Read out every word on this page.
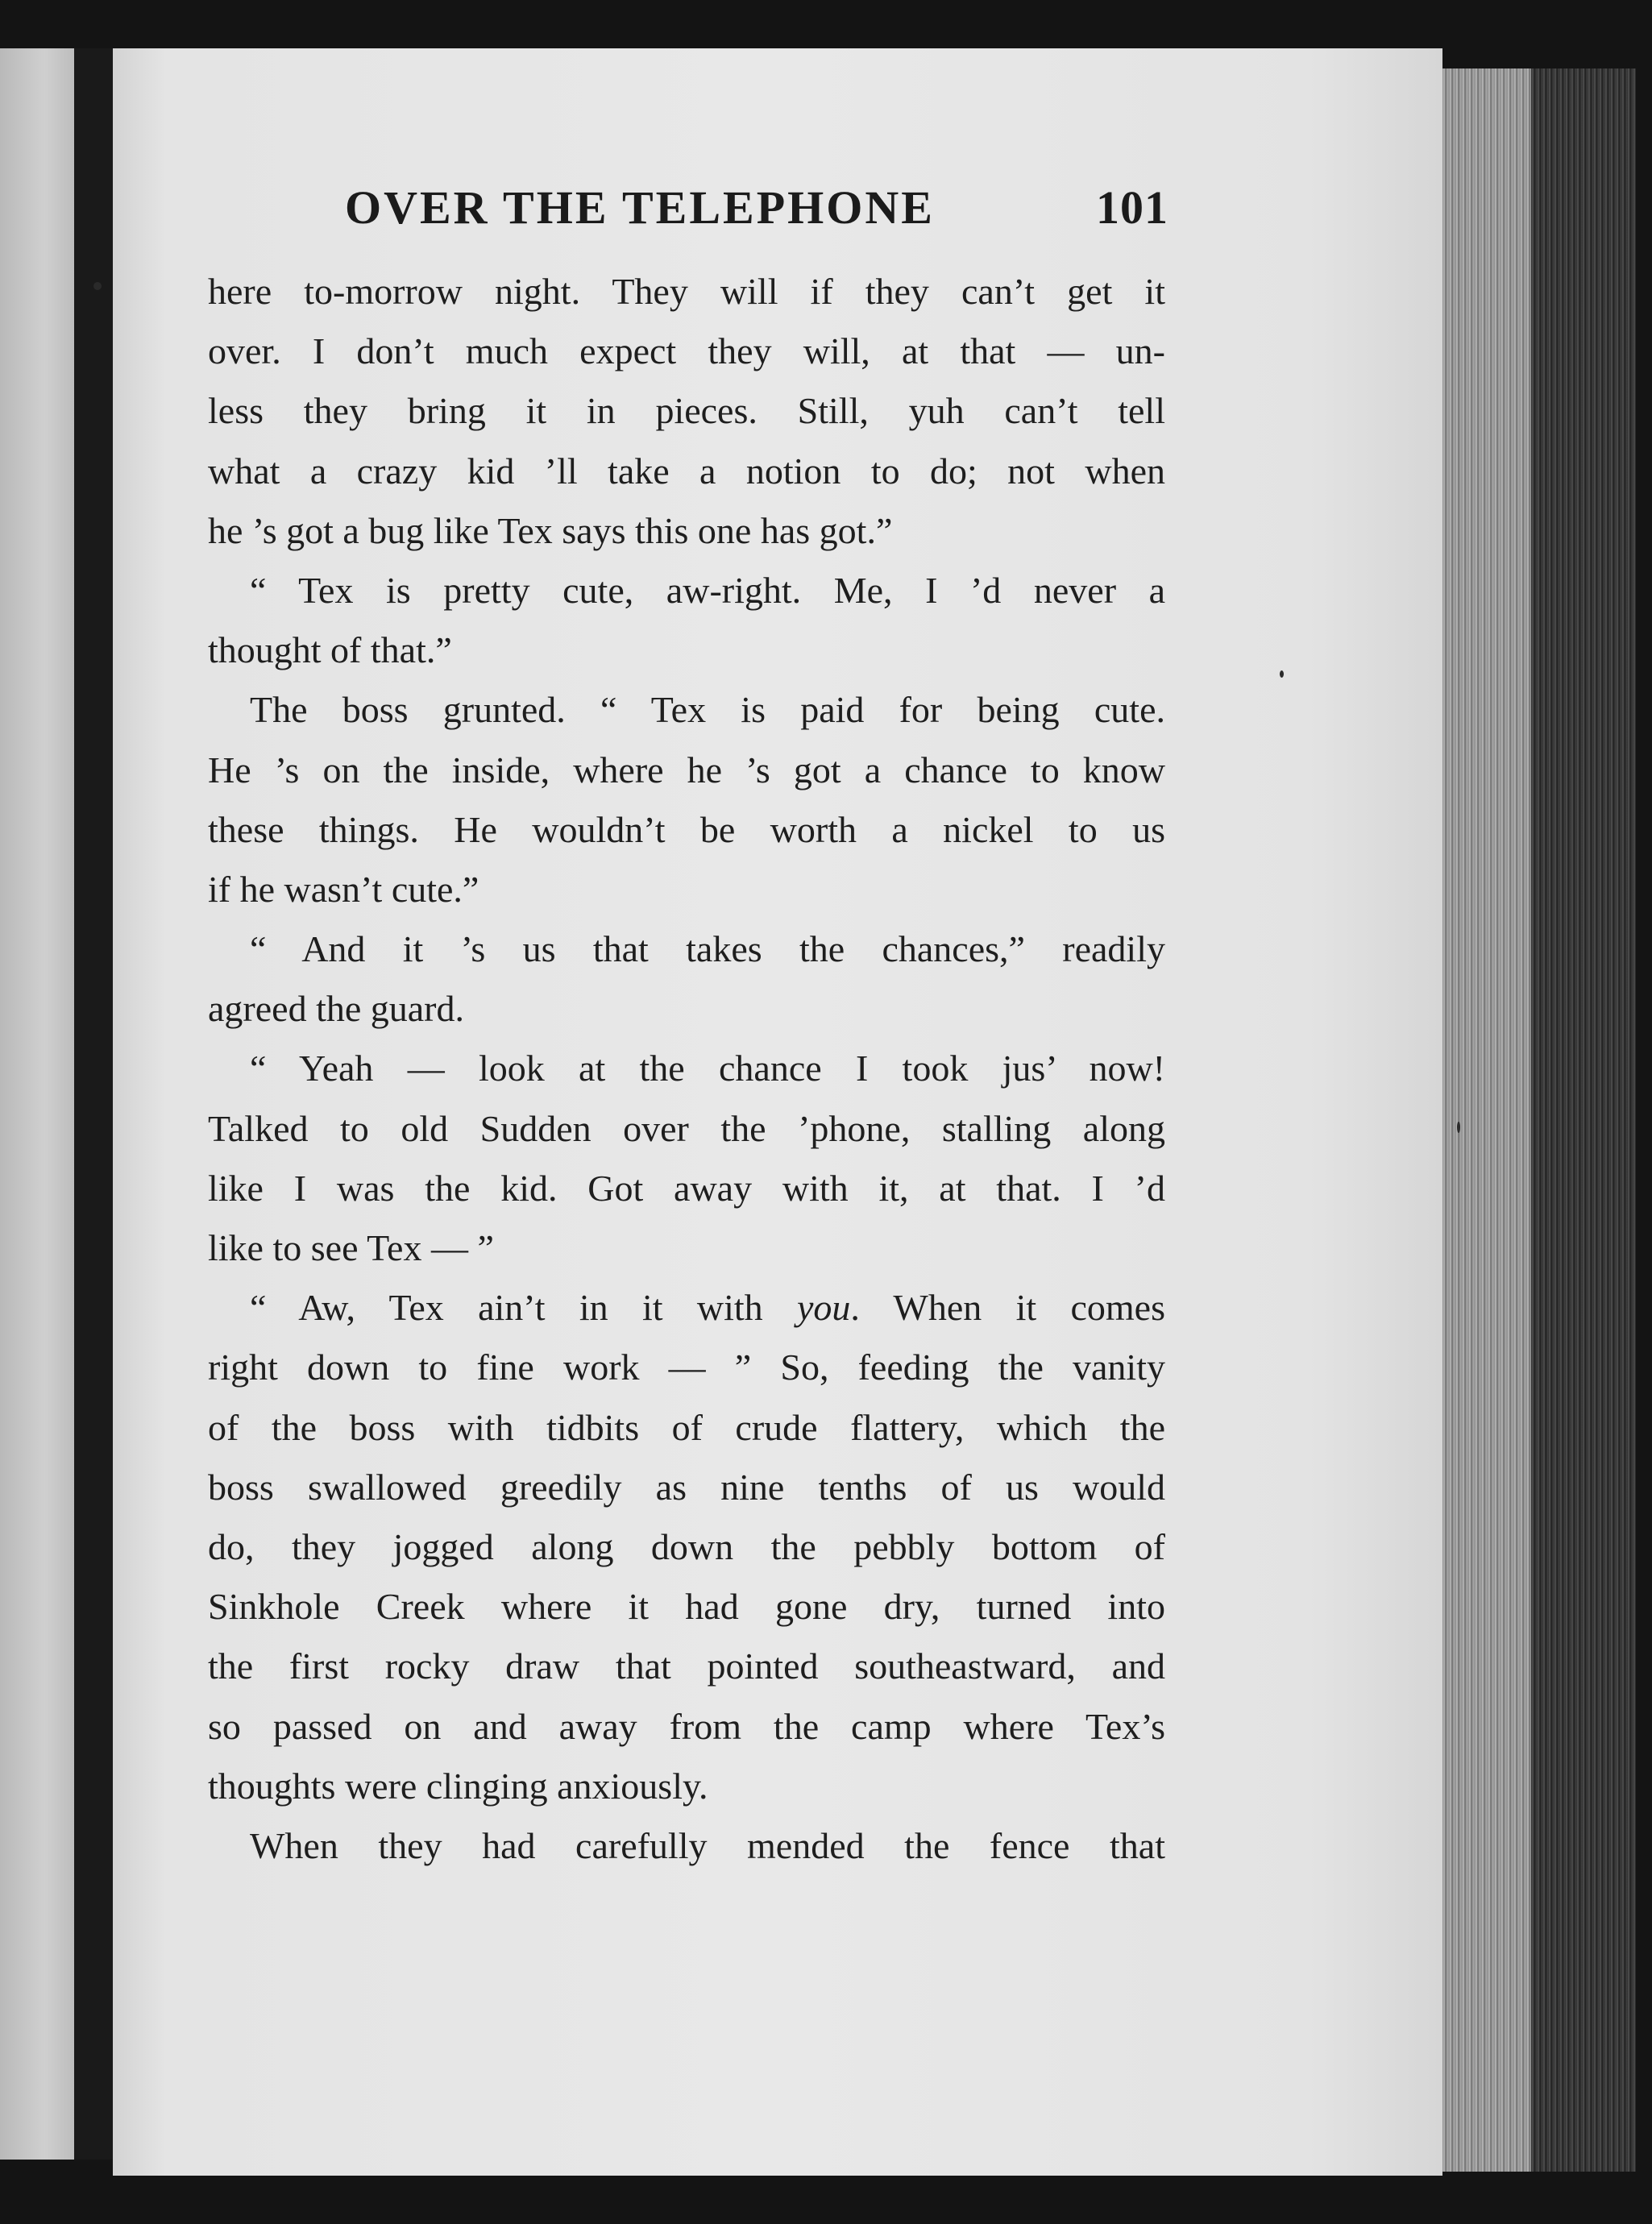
OVER THE TELEPHONE	101
here to-morrow night. They will if they can’t get it
over. I don’t much expect they will, at that — un-
less they bring it in pieces. Still, yuh can’t tell
what a crazy kid ’ll take a notion to do; not when
he ’s got a bug like Tex says this one has got.”
“ Tex is pretty cute, aw-right. Me, I ’d never a
thought of that.”
The boss grunted. “ Tex is paid for being cute.
He ’s on the inside, where he ’s got a chance to know
these things. He wouldn’t be worth a nickel to us
if he wasn’t cute.”
“ And it ’s us that takes the chances,” readily
agreed the guard.
“ Yeah — look at the chance I took jus’ now!
Talked to old Sudden over the ’phone, stalling along
like I was the kid. Got away with it, at that. I ’d
like to see Tex — ”
“ Aw, Tex ain’t in it with you. When it comes
right down to fine work — ” So, feeding the vanity
of the boss with tidbits of crude flattery, which the
boss swallowed greedily as nine tenths of us would
do, they jogged along down the pebbly bottom of
Sinkhole Creek where it had gone dry, turned into
the first rocky draw that pointed southeastward, and
so passed on and away from the camp where Tex’s
thoughts were clinging anxiously.
When they had carefully mended the fence that
